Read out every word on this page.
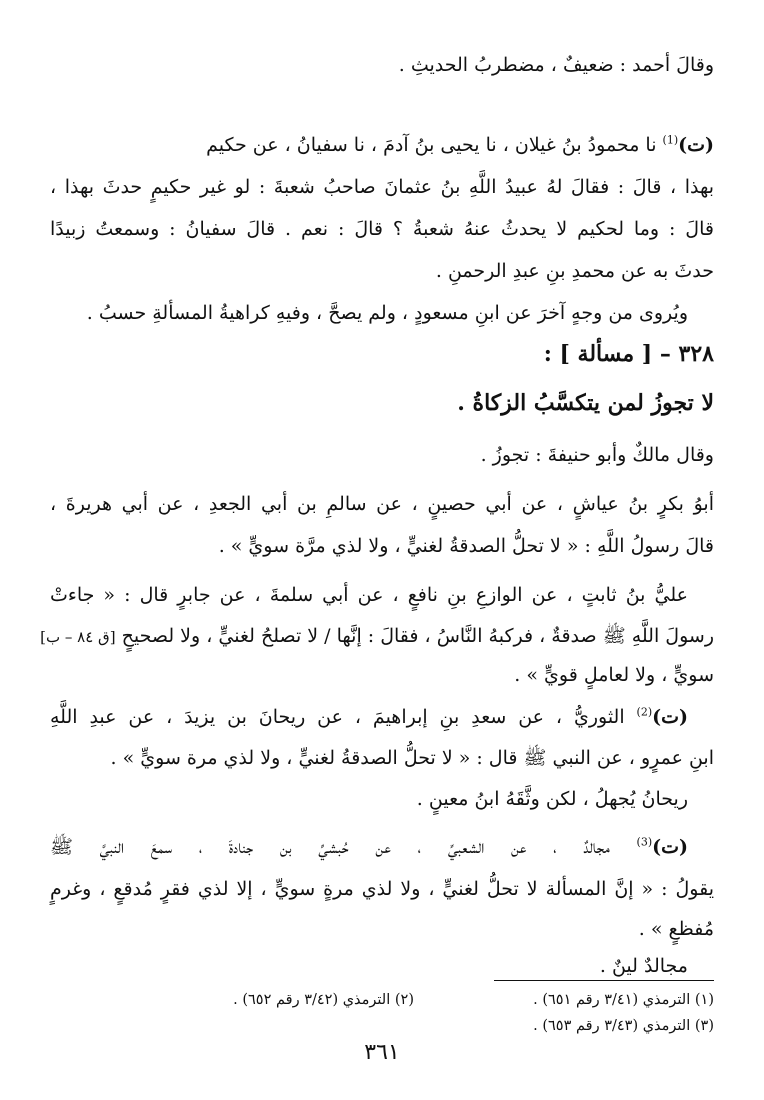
وقالَ أحمد : ضعيفٌ ، مضطربُ الحديثِ .
(ت)$^{(1)}$ نا محمودُ بنُ غيلان ، نا يحيى بنُ آدمَ ، نا سفيانُ ، عن حكيم
بهذا ، قالَ : فقالَ لهُ عبيدُ اللَّهِ بنُ عثمانَ صاحبُ شعبةَ : لو غير حكيمٍ حدثَ بهذا ،
قالَ : وما لحكيم لا يحدثُ عنهُ شعبةُ ؟ قالَ : نعم . قالَ سفيانُ : وسمعتُ زبيدًا
حدثَ به عن محمدِ بنِ عبدِ الرحمنِ .
ويُروى من وجهٍ آخرَ عن ابنِ مسعودٍ ، ولم يصحَّ ، وفيهِ كراهيةُ المسألةِ حسبُ .
٣٢٨ – [ مسألة ] :
لا تجوزُ لمن يتكسَّبُ الزكاةُ .
وقال مالكٌ وأبو حنيفةَ : تجوزُ .
أبوُ بكرٍ بنُ عياشٍ ، عن أبي حصينٍ ، عن سالمِ بن أبي الجعدِ ، عن أبي هريرةَ ،
قالَ رسولُ اللَّهِ : « لا تحلُّ الصدقةُ لغنيٍّ ، ولا لذي مرَّة سويٍّ » .
عليُّ بنُ ثابتٍ ، عن الوازعِ بنِ نافعٍ ، عن أبي سلمةَ ، عن جابرٍ قال : « جاءتْ
رسولَ اللَّهِ ﷺ صدقةٌ ، فركبهُ النَّاسُ ، فقالَ : إنَّها / لا تصلحُ لغنيٍّ ، ولا لصحيحٍ [ق ٨٤ – ب]
سويٍّ ، ولا لعاملٍ قويٍّ » .
(ت)$^{(2)}$ الثوريُّ ، عن سعدِ بنِ إبراهيمَ ، عن ريحانَ بن يزيدَ ، عن عبدِ اللَّهِ
ابنِ عمرٍو ، عن النبي ﷺ قال : « لا تحلُّ الصدقةُ لغنيٍّ ، ولا لذي مرة سويٍّ » .
ريحانُ يُجهلُ ، لكن وثَّقَهُ ابنُ معينٍ .
(ت)$^{(3)}$ مجالدٌ ، عن الشعبيِّ ، عن حُبشيِّ بن جنادةَ ، سمعَ النبيَّ ﷺ
يقولُ : « إنَّ المسألة لا تحلُّ لغنيٍّ ، ولا لذي مرةٍ سويٍّ ، إلا لذي فقرٍ مُدقعٍ ، وغرمٍ
مُفظعٍ » .
مجالدٌ لينٌ .
(١) الترمذي (٣/٤١ رقم ٦٥١) .
(٢) الترمذي (٣/٤٢ رقم ٦٥٢) .
(٣) الترمذي (٣/٤٣ رقم ٦٥٣) .
٣٦١
